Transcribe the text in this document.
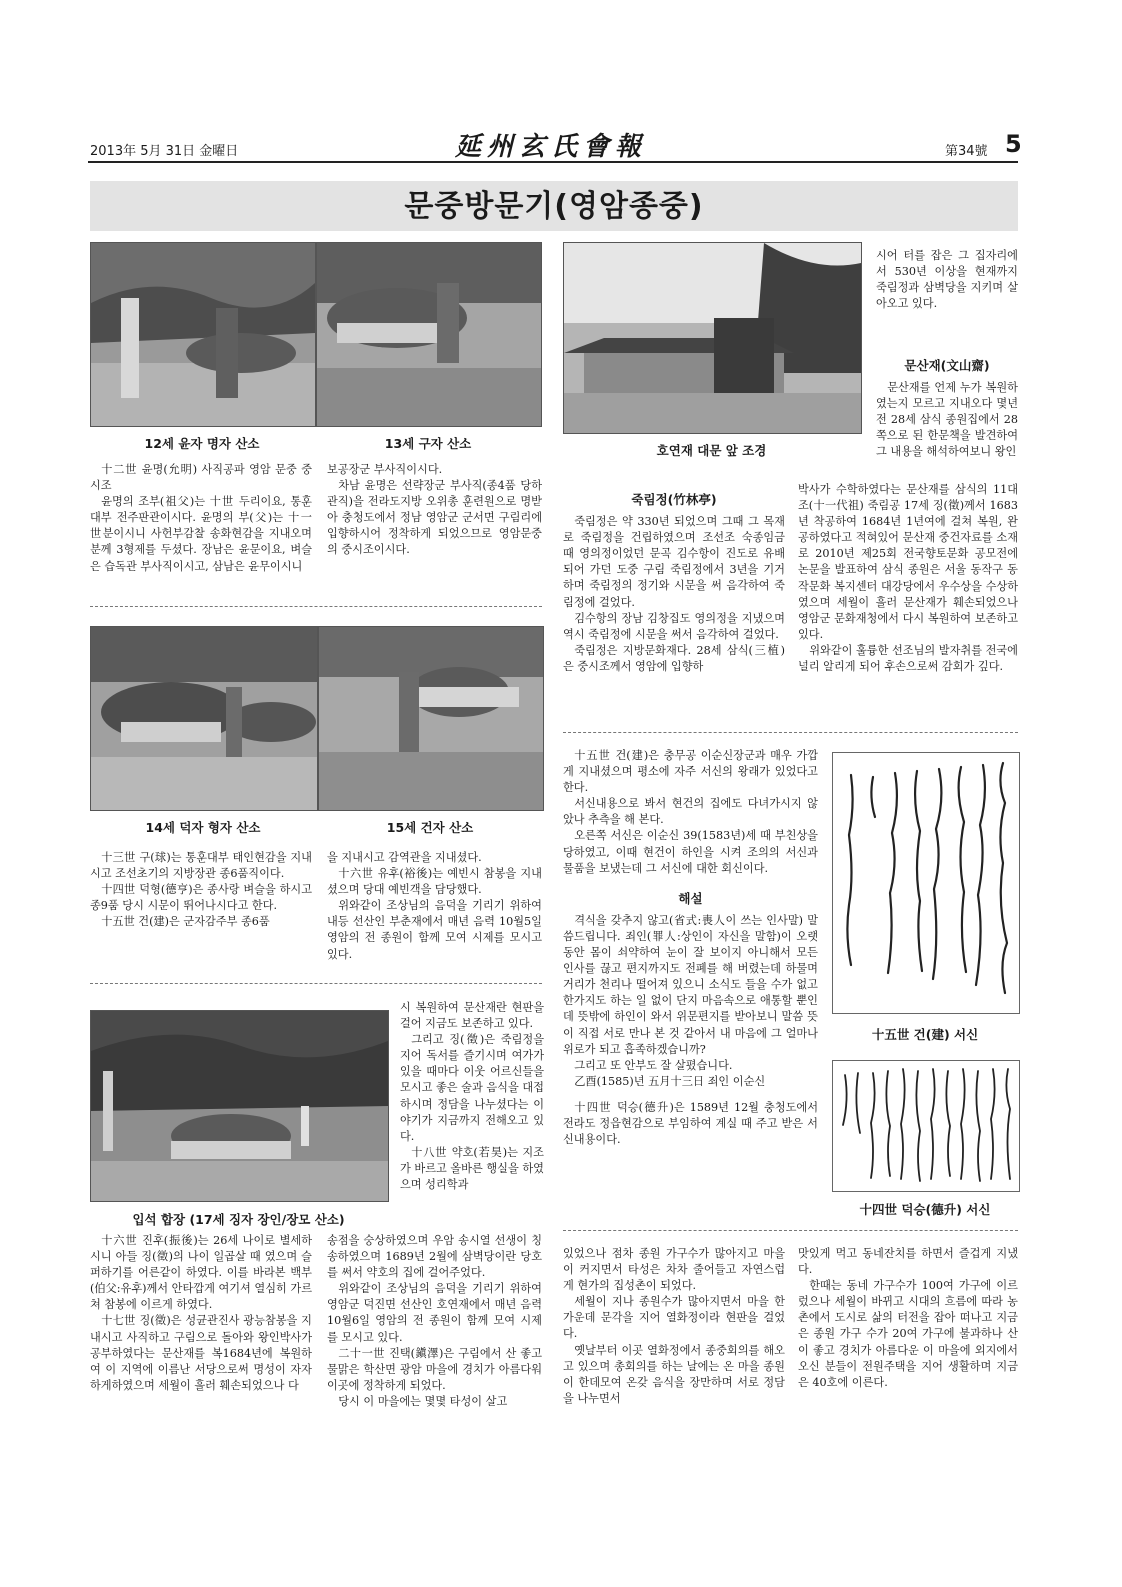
2013年 5月 31日 金曜日	延州玄氏會報	第34號 5
문중방문기(영암종중)
12세 윤자 명자 산소	13세 구자 산소

十二世 윤명(允明) 사직공파 영암 문중 중시조

윤명의 조부(祖父)는 十世 두리이요, 통훈대부 전주판관이시다. 윤명의 부(父)는 十一世분이시니 사헌부감찰 송화현감을 지내오며 분께 3형제를 두셨다. 장남은 윤문이요, 벼슬은 습독관 부사직이시고, 삼남은 윤무이시니

보공장군 부사직이시다.

차남 윤명은 선략장군 부사직(종4품 당하관직)을 전라도지방 오위총 훈련원으로 명받아 충청도에서 정남 영암군 군서면 구림리에 입향하시어 정착하게 되었으므로 영암문중의 중시조이시다.

14세 덕자 형자 산소	15세 건자 산소

十三世 구(球)는 통훈대부 태인현감을 지내시고 조선초기의 지방장관 종6품직이다.

十四世 덕형(德亨)은 종사랑 벼슬을 하시고 종9품 당시 시문이 뛰어나시다고 한다.

十五世 건(建)은 군자감주부 종6품

을 지내시고 감역관을 지내셨다.

十六世 유후(裕後)는 예빈시 참봉을 지내셨으며 당대 예빈객을 담당했다.

위와같이 조상님의 음덕을 기리기 위하여 내등 선산인 부춘재에서 매년 음력 10월5일 영암의 전 종원이 함께 모여 시제를 모시고 있다.

입석 합장 (17세 징자 장인/장모 산소)

시 복원하여 문산재란 현판을 걸어 지금도 보존하고 있다.

그리고 징(徵)은 죽림정을 지어 독서를 즐기시며 여가가 있을 때마다 이웃 어르신들을 모시고 좋은 술과 음식을 대접하시며 정담을 나누셨다는 이야기가 지금까지 전해오고 있다.

十八世 약호(若昊)는 지조가 바르고 올바른 행실을 하였으며 성리학과

十六世 진후(振後)는 26세 나이로 별세하시니 아들 징(徵)의 나이 일곱살 때 였으며 슬퍼하기를 어른같이 하였다. 이를 바라본 백부(伯父:유후)께서 안타깝게 여기셔 열심히 가르쳐 참봉에 이르게 하였다.

十七世 징(徵)은 성균관진사 광능참봉을 지내시고 사직하고 구림으로 돌아와 왕인박사가 공부하였다는 문산재를 복1684년에 복원하여 이 지역에 이름난 서당으로써 명성이 자자하게하였으며 세월이 흘러 훼손되었으나 다

송점을 숭상하였으며 우암 송시열 선생이 칭송하였으며 1689년 2월에 삼벽당이란 당호를 써서 약호의 집에 걸어주었다.

위와같이 조상님의 음덕을 기리기 위하여 영암군 덕진면 선산인 호연재에서 매년 음력 10월6일 영암의 전 종원이 함께 모여 시제를 모시고 있다.

二十一世 진택(鎭澤)은 구림에서 산 좋고 물맑은 학산면 광암 마을에 경치가 아름다워 이곳에 정착하게 되었다.

당시 이 마을에는 몇몇 타성이 살고

호연재 대문 앞 조경

시어 터를 잡은 그 집자리에서 530년 이상을 현재까지 죽림정과 삼벽당을 지키며 살아오고 있다.

문산재(文山齋)

문산재를 언제 누가 복원하였는지 모르고 지내오다 몇년전 28세 삼식 종원집에서 28쪽으로 된 한문책을 발견하여 그 내용을 해석하여보니 왕인

죽림정(竹林亭)

죽림정은 약 330년 되었으며 그때 그 목재로 죽림정을 건립하였으며 조선조 숙종임금 때 영의정이었던 문곡 김수항이 진도로 유배되어 가던 도중 구림 죽림정에서 3년을 기거하며 죽림정의 정기와 시문을 써 음각하여 죽림정에 걸었다.

김수항의 장남 김창집도 영의정을 지냈으며 역시 죽림정에 시문을 써서 음각하여 걸었다.

죽림정은 지방문화재다. 28세 삼식(三植)은 중시조께서 영암에 입향하

박사가 수학하였다는 문산재를 삼식의 11대조(十一代祖) 죽림공 17세 징(徵)께서 1683년 착공하여 1684년 1년여에 걸쳐 복원, 완공하였다고 적혀있어 문산재 중건자료를 소재로 2010년 제25회 전국향토문화 공모전에 논문을 발표하여 삼식 종원은 서울 동작구 동작문화 복지센터 대강당에서 우수상을 수상하였으며 세월이 흘러 문산재가 훼손되었으나 영암군 문화재청에서 다시 복원하여 보존하고 있다.

위와같이 훌륭한 선조님의 발자취를 전국에 널리 알리게 되어 후손으로써 감회가 깊다.

十五世 건(建)은 충무공 이순신장군과 매우 가깝게 지내셨으며 평소에 자주 서신의 왕래가 있었다고 한다.

서신내용으로 봐서 현건의 집에도 다녀가시지 않았나 추측을 해 본다.

오른쪽 서신은 이순신 39(1583년)세 때 부친상을 당하였고, 이때 현건이 하인을 시켜 조의의 서신과 물품을 보냈는데 그 서신에 대한 회신이다.

해설

격식을 갖추지 않고(省式:喪人이 쓰는 인사말) 말씀드립니다. 죄인(罪人:상인이 자신을 말함)이 오랫동안 몸이 쇠약하여 눈이 잘 보이지 아니해서 모든 인사를 끊고 편지까지도 전폐를 해 버렸는데 하물며 거리가 천리나 떨어져 있으니 소식도 들을 수가 없고 한가지도 하는 일 없이 단지 마음속으로 애통할 뿐인데 뜻밖에 하인이 와서 위문편지를 받아보니 말씀 뜻이 직접 서로 만나 본 것 같아서 내 마음에 그 얼마나 위로가 되고 흡족하겠습니까?

그리고 또 안부도 잘 살폈습니다.

乙酉(1585)년 五月十三日 죄인 이순신

十四世 덕승(德升)은 1589년 12월 충청도에서 전라도 정읍현감으로 부임하여 계실 때 주고 받은 서신내용이다.

十五世 건(建) 서신
十四世 덕승(德升) 서신

있었으나 점차 종원 가구수가 많아지고 마을이 커지면서 타성은 차차 줄어들고 자연스럽게 현가의 집성촌이 되었다.

세월이 지나 종원수가 많아지면서 마을 한가운데 문각을 지어 열화정이라 현판을 걸었다.

옛날부터 이곳 열화정에서 종중회의를 해오고 있으며 총회의를 하는 날에는 온 마을 종원이 한데모여 온갖 음식을 장만하며 서로 정담을 나누면서

맛있게 먹고 동네잔치를 하면서 즐겁게 지냈다.

한때는 동네 가구수가 100여 가구에 이르렀으나 세월이 바뀌고 시대의 흐름에 따라 농촌에서 도시로 삶의 터전을 잡아 떠나고 지금은 종원 가구 수가 20여 가구에 불과하나 산이 좋고 경치가 아름다운 이 마을에 외지에서 오신 분들이 전원주택을 지어 생활하며 지금은 40호에 이른다.
